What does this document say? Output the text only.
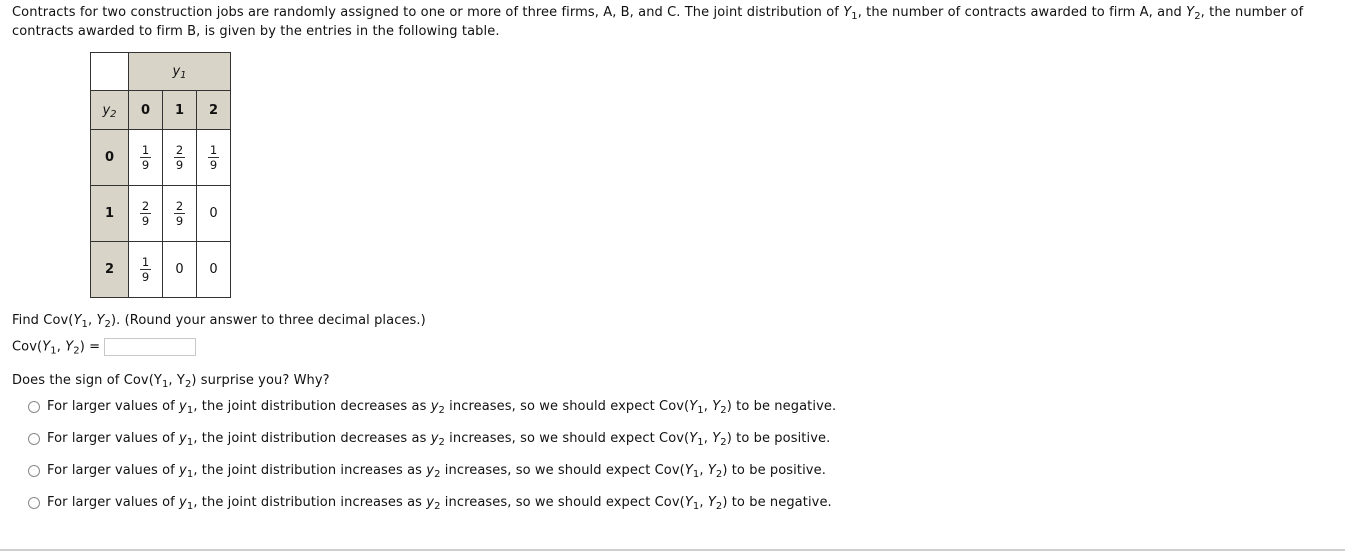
Contracts for two construction jobs are randomly assigned to one or more of three firms, A, B, and C. The joint distribution of $Y_1$, the number of contracts awarded to firm A, and $Y_2$, the number of contracts awarded to firm B, is given by the entries in the following table.
	$y_1$
$y_2$	0	1	2
0	$\frac{1}{9}$	$\frac{2}{9}$	$\frac{1}{9}$

1	$\frac{2}{9}$	$\frac{2}{9}$	0
2	$\frac{1}{9}$	0	0
Find $Cov(Y_1$, $Y_2$). (Round your answer to three decimal places.)
$Cov(Y_1$, $Y_2$) =
Does the sign of $Cov(Y_1$, $Y_2$) surprise you? Why?
For larger values of $y_1$, the joint distribution decreases as $y_2$ increases, so we should expect $Cov(Y_1$, $Y_2$) to be negative.
For larger values of $y_1$, the joint distribution decreases as $y_2$ increases, so we should expect $Cov(Y_1$, $Y_2$) to be positive.
For larger values of $y_1$, the joint distribution increases as $y_2$ increases, so we should expect $Cov(Y_1$, $Y_2$) to be positive.
For larger values of $y_1$, the joint distribution increases as $y_2$ increases, so we should expect $Cov(Y_1$, $Y_2$) to be negative.
